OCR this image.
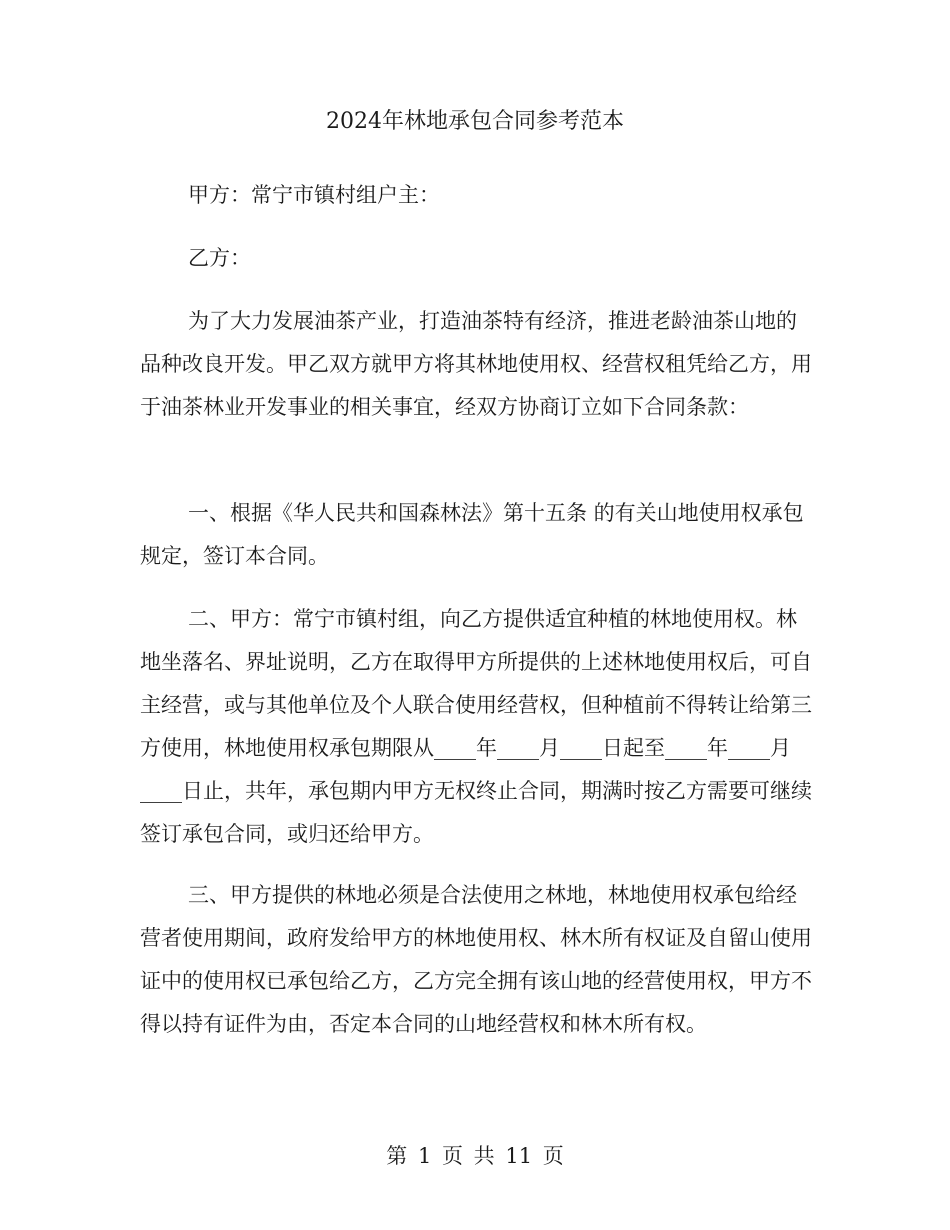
2024年林地承包合同参考范本

甲方：常宁市镇村组户主：

乙方：

为了大力发展油茶产业，打造油茶特有经济，推进老龄油茶山地的品种改良开发。甲乙双方就甲方将其林地使用权、经营权租凭给乙方，用于油茶林业开发事业的相关事宜，经双方协商订立如下合同条款：

一、根据《华人民共和国森林法》第十五条 的有关山地使用权承包规定，签订本合同。

二、甲方：常宁市镇村组，向乙方提供适宜种植的林地使用权。林地坐落名、界址说明，乙方在取得甲方所提供的上述林地使用权后，可自主经营，或与其他单位及个人联合使用经营权，但种植前不得转让给第三方使用，林地使用权承包期限从____年____月____日起至____年____月____日止，共年，承包期内甲方无权终止合同，期满时按乙方需要可继续签订承包合同，或归还给甲方。

三、甲方提供的林地必须是合法使用之林地，林地使用权承包给经营者使用期间，政府发给甲方的林地使用权、林木所有权证及自留山使用证中的使用权已承包给乙方，乙方完全拥有该山地的经营使用权，甲方不得以持有证件为由，否定本合同的山地经营权和林木所有权。

第 1 页 共 11 页
